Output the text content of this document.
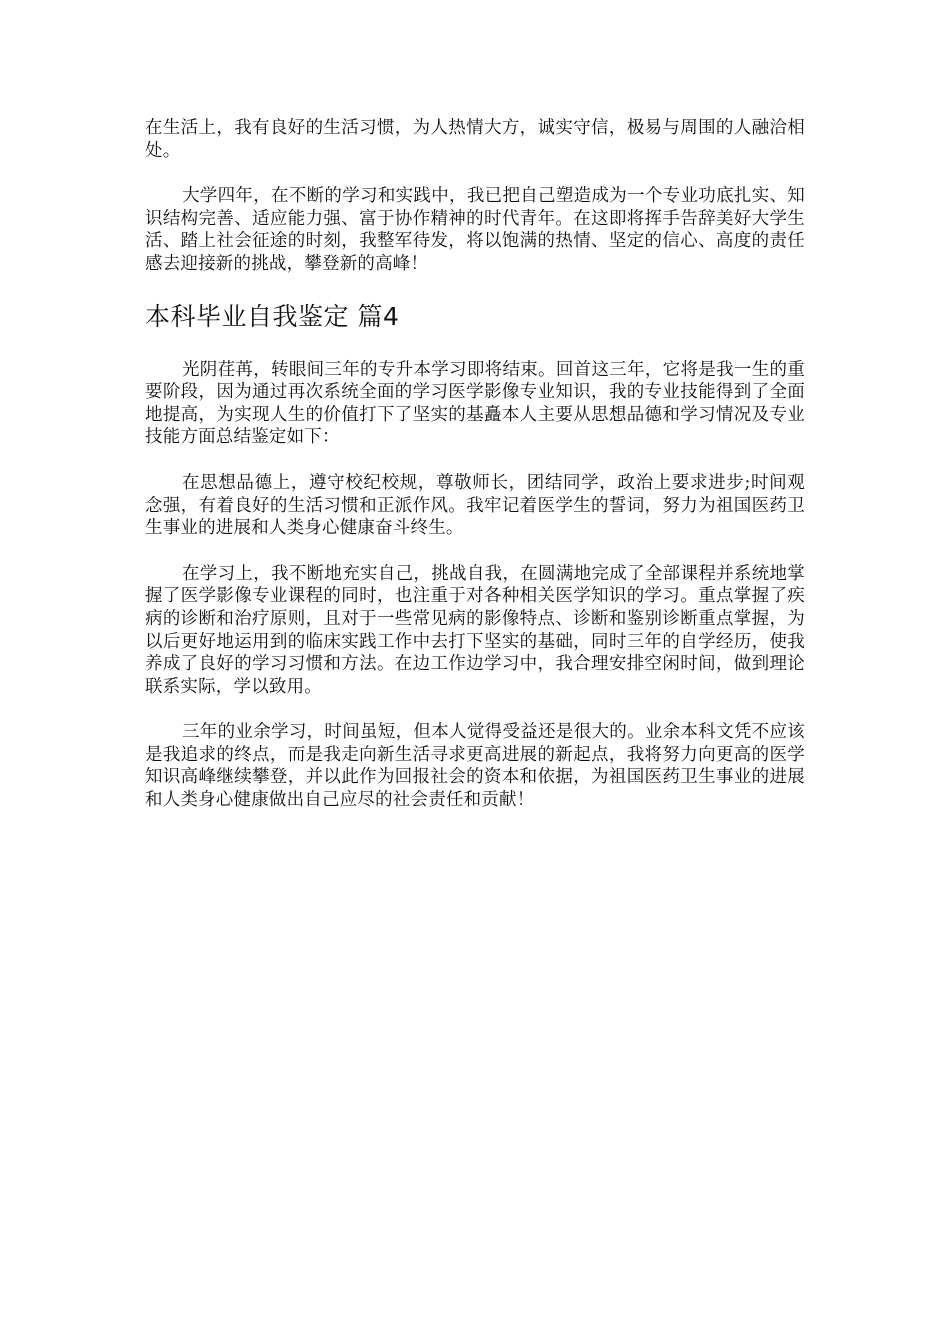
在生活上，我有良好的生活习惯，为人热情大方，诚实守信，极易与周围的人融洽相处。

大学四年，在不断的学习和实践中，我已把自己塑造成为一个专业功底扎实、知识结构完善、适应能力强、富于协作精神的时代青年。在这即将挥手告辞美好大学生活、踏上社会征途的时刻，我整军待发，将以饱满的热情、坚定的信心、高度的责任感去迎接新的挑战，攀登新的高峰！

本科毕业自我鉴定 篇4

光阴荏苒，转眼间三年的专升本学习即将结束。回首这三年，它将是我一生的重要阶段，因为通过再次系统全面的学习医学影像专业知识，我的专业技能得到了全面地提高，为实现人生的价值打下了坚实的基矗本人主要从思想品德和学习情况及专业技能方面总结鉴定如下：

在思想品德上，遵守校纪校规，尊敬师长，团结同学，政治上要求进步;时间观念强，有着良好的生活习惯和正派作风。我牢记着医学生的誓词，努力为祖国医药卫生事业的进展和人类身心健康奋斗终生。

在学习上，我不断地充实自己，挑战自我，在圆满地完成了全部课程并系统地掌握了医学影像专业课程的同时，也注重于对各种相关医学知识的学习。重点掌握了疾病的诊断和治疗原则，且对于一些常见病的影像特点、诊断和鉴别诊断重点掌握，为以后更好地运用到的临床实践工作中去打下坚实的基础，同时三年的自学经历，使我养成了良好的学习习惯和方法。在边工作边学习中，我合理安排空闲时间，做到理论联系实际，学以致用。

三年的业余学习，时间虽短，但本人觉得受益还是很大的。业余本科文凭不应该是我追求的终点，而是我走向新生活寻求更高进展的新起点，我将努力向更高的医学知识高峰继续攀登，并以此作为回报社会的资本和依据，为祖国医药卫生事业的进展和人类身心健康做出自己应尽的社会责任和贡献！
